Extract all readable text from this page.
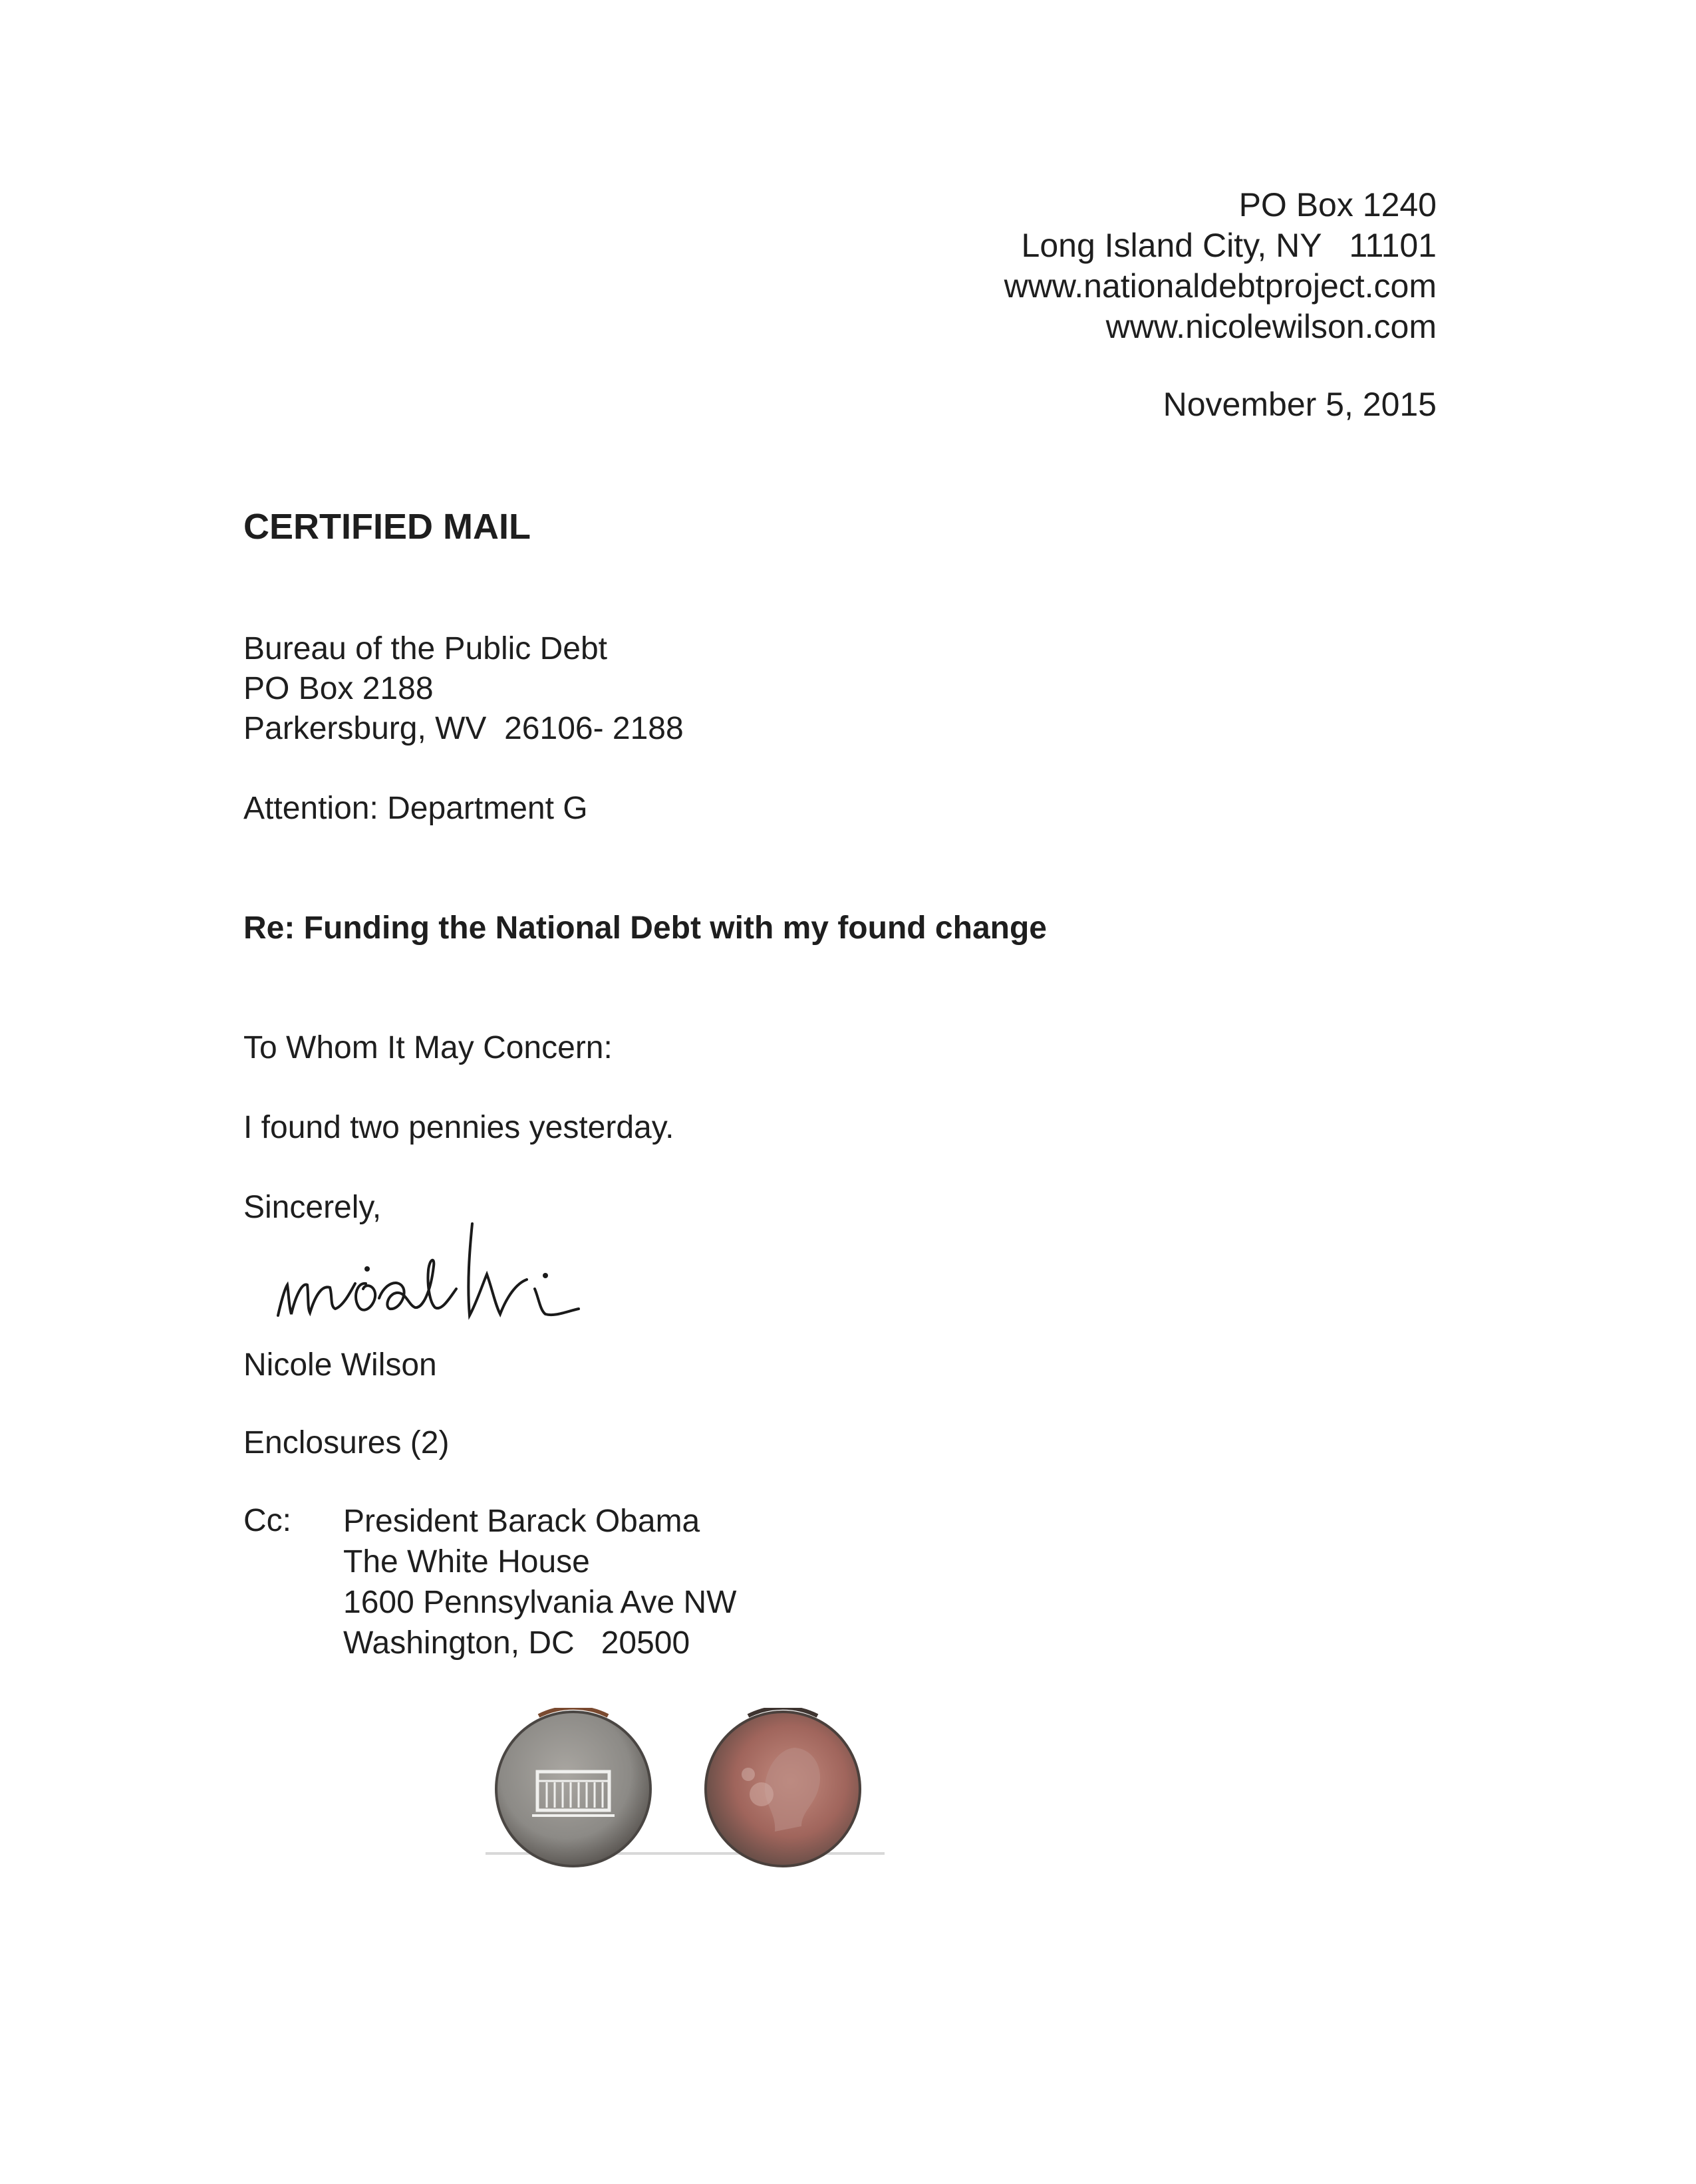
PO Box 1240
Long Island City, NY   11101
www.nationaldebtproject.com
www.nicolewilson.com
November 5, 2015
CERTIFIED MAIL
Bureau of the Public Debt
PO Box 2188
Parkersburg, WV  26106- 2188
Attention: Department G
Re: Funding the National Debt with my found change
To Whom It May Concern:
I found two pennies yesterday.
Sincerely,
Nicole Wilson
Enclosures (2)
Cc: President Barack Obama
The White House
1600 Pennsylvania Ave NW
Washington, DC   20500
